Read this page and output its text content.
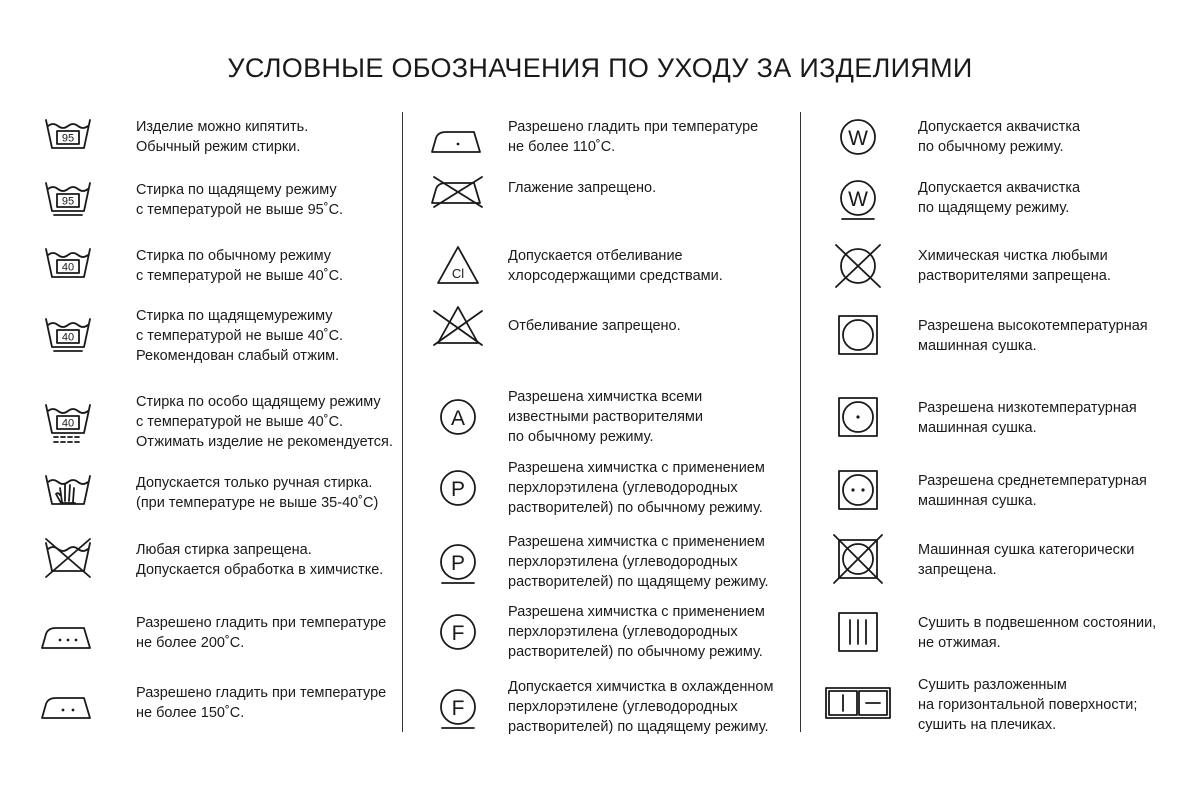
УСЛОВНЫЕ ОБОЗНАЧЕНИЯ ПО УХОДУ ЗА ИЗДЕЛИЯМИ
95
Изделие можно кипятить.
Обычный режим стирки.
95
Стирка по щадящему режиму
с температурой не выше 95˚С.
40
Стирка по обычному режиму
с температурой не выше 40˚С.
40
Стирка по щадящемурежиму
с температурой не выше 40˚С.
Рекомендован слабый отжим.
40
Стирка по особо щадящему режиму
с температурой не выше 40˚С.
Отжимать изделие не рекомендуется.
Допускается только ручная стирка.
(при температуре не выше 35-40˚С)
Любая стирка запрещена.
Допускается обработка в химчистке.
Разрешено гладить при температуре
не более 200˚С.
Разрешено гладить при температуре
не более 150˚С.
Разрешено гладить при температуре
не более 110˚С.
Глажение запрещено.
Cl
Допускается отбеливание
хлорсодержащими средствами.
Отбеливание запрещено.
A
Разрешена химчистка всеми
известными растворителями
по обычному режиму.
P
Разрешена химчистка с применением
перхлорэтилена (углеводородных
растворителей) по обычному режиму.
P
Разрешена химчистка с применением
перхлорэтилена (углеводородных
растворителей) по щадящему режиму.
F
Разрешена химчистка с применением
перхлорэтилена (углеводородных
растворителей) по обычному режиму.
F
Допускается химчистка в охлажденном
перхлорэтилене (углеводородных
растворителей) по щадящему режиму.
W	Допускается аквачистка
по обычному режиму.
W	Допускается аквачистка
по щадящему режиму.
Химическая чистка любыми
растворителями запрещена.
Разрешена высокотемпературная
машинная сушка.
Разрешена низкотемпературная
машинная сушка.
Разрешена среднетемпературная
машинная сушка.
Машинная сушка категорически
запрещена.
Сушить в подвешенном состоянии,
не отжимая.
Сушить разложенным
на горизонтальной поверхности;
сушить на плечиках.
